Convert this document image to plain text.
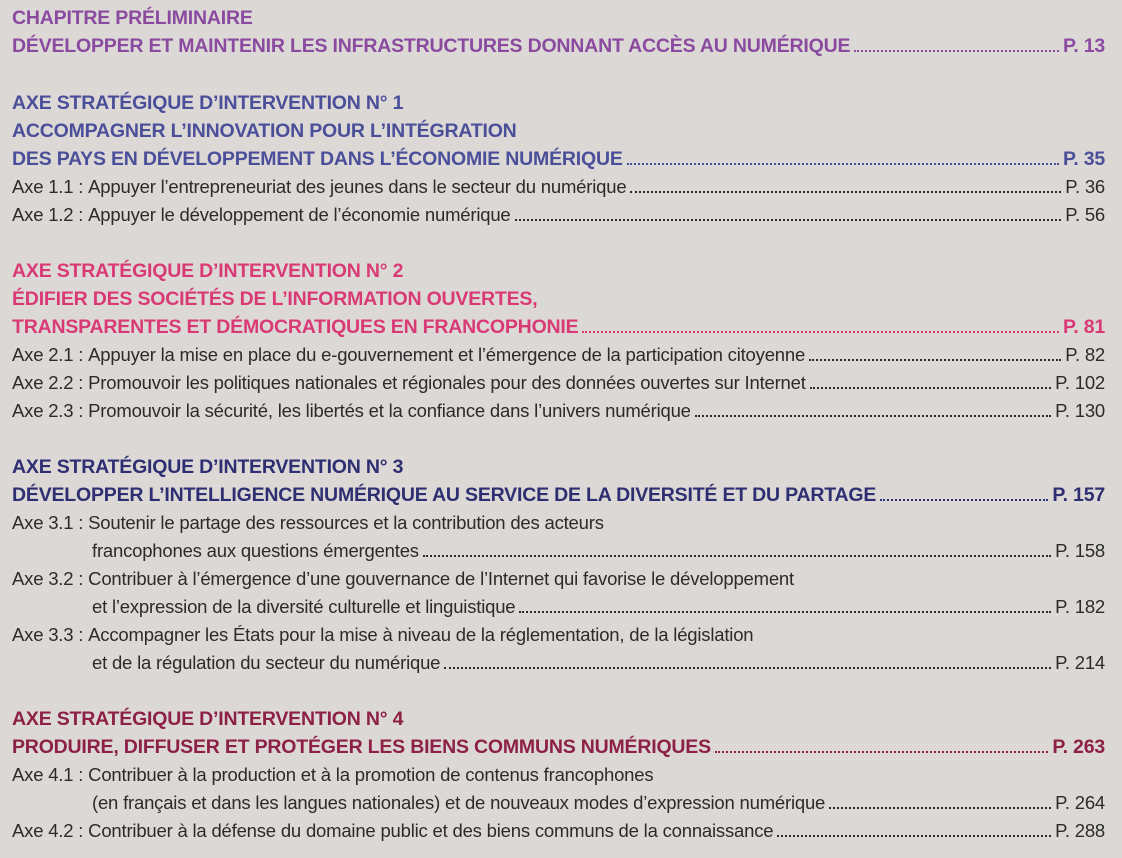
CHAPITRE PRÉLIMINAIRE
DÉVELOPPER ET MAINTENIR LES INFRASTRUCTURES DONNANT ACCÈS AU NUMÉRIQUE	P. 13
AXE STRATÉGIQUE D’INTERVENTION N° 1
ACCOMPAGNER L’INNOVATION POUR L’INTÉGRATION
DES PAYS EN DÉVELOPPEMENT DANS L’ÉCONOMIE NUMÉRIQUE	P. 35
Axe 1.1 :
Appuyer l’entrepreneuriat des jeunes dans le secteur du numérique	P. 36
Axe 1.2 :
Appuyer le développement de l’économie numérique	P. 56
AXE STRATÉGIQUE D’INTERVENTION N° 2
ÉDIFIER DES SOCIÉTÉS DE L’INFORMATION OUVERTES,
TRANSPARENTES ET DÉMOCRATIQUES EN FRANCOPHONIE	P. 81
Axe 2.1 :
Appuyer la mise en place du e-gouvernement et l’émergence de la participation citoyenne	P. 82
Axe 2.2 :
Promouvoir les politiques nationales et régionales pour des données ouvertes sur Internet	P. 102
Axe 2.3 :
Promouvoir la sécurité, les libertés et la confiance dans l’univers numérique	P. 130
AXE STRATÉGIQUE D’INTERVENTION N° 3
DÉVELOPPER L’INTELLIGENCE NUMÉRIQUE AU SERVICE DE LA DIVERSITÉ ET DU PARTAGE	P. 157
Axe 3.1 :
Soutenir le partage des ressources et la contribution des acteurs
francophones aux questions émergentes	P. 158
Axe 3.2 :
Contribuer à l’émergence d’une gouvernance de l’Internet qui favorise le développement
et l’expression de la diversité culturelle et linguistique	P. 182
Axe 3.3 :
Accompagner les États pour la mise à niveau de la réglementation, de la législation
et de la régulation du secteur du numérique	P. 214
AXE STRATÉGIQUE D’INTERVENTION N° 4
PRODUIRE, DIFFUSER ET PROTÉGER LES BIENS COMMUNS NUMÉRIQUES	P. 263
Axe 4.1 :
Contribuer à la production et à la promotion de contenus francophones
(en français et dans les langues nationales) et de nouveaux modes d’expression numérique	P. 264
Axe 4.2 :
Contribuer à la défense du domaine public et des biens communs de la connaissance	P. 288
